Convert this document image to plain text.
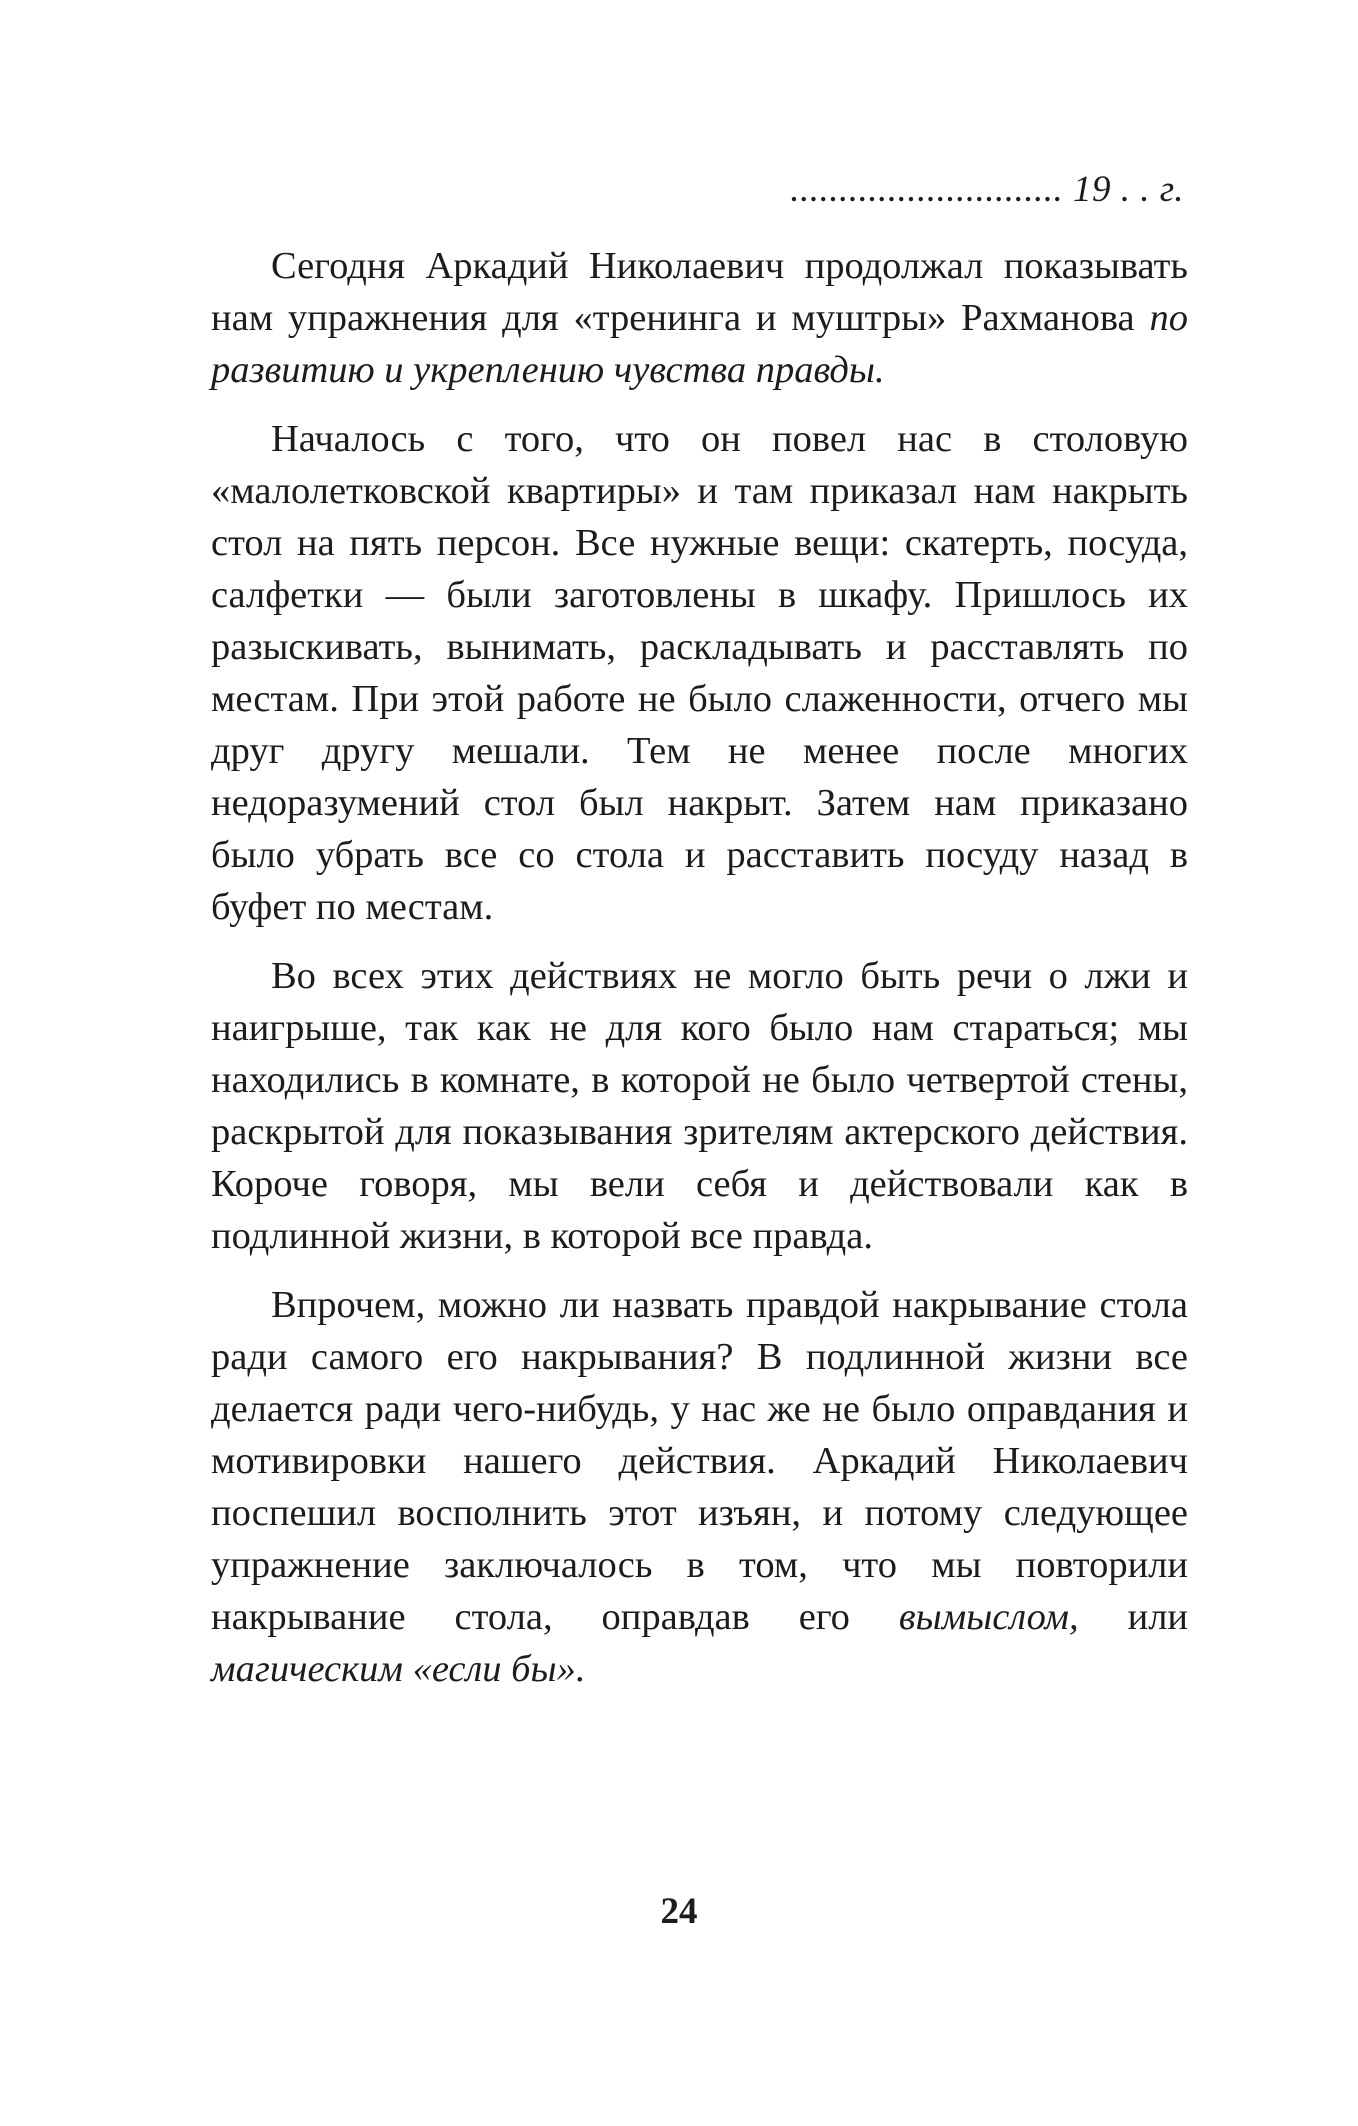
............................ 19 . . г.

Сегодня Аркадий Николаевич продолжал показывать нам упражнения для «тренинга и муштры» Рахманова по развитию и укреплению чувства правды.

Началось с того, что он повел нас в столовую «малолетковской квартиры» и там приказал нам накрыть стол на пять персон. Все нужные вещи: скатерть, посуда, салфетки — были заготовлены в шкафу. Пришлось их разыскивать, вынимать, раскладывать и расставлять по местам. При этой работе не было слаженности, отчего мы друг другу мешали. Тем не менее после многих недоразумений стол был накрыт. Затем нам приказано было убрать все со стола и расставить посуду назад в буфет по местам.

Во всех этих действиях не могло быть речи о лжи и наигрыше, так как не для кого было нам стараться; мы находились в комнате, в которой не было четвертой стены, раскрытой для показывания зрителям актерского действия. Короче говоря, мы вели себя и действовали как в подлинной жизни, в которой все правда.

Впрочем, можно ли назвать правдой накрывание стола ради самого его накрывания? В подлинной жизни все делается ради чего-нибудь, у нас же не было оправдания и мотивировки нашего действия. Аркадий Николаевич поспешил восполнить этот изъян, и потому следующее упражнение заключалось в том, что мы повторили накрывание стола, оправдав его вымыслом, или магическим «если бы».

24
